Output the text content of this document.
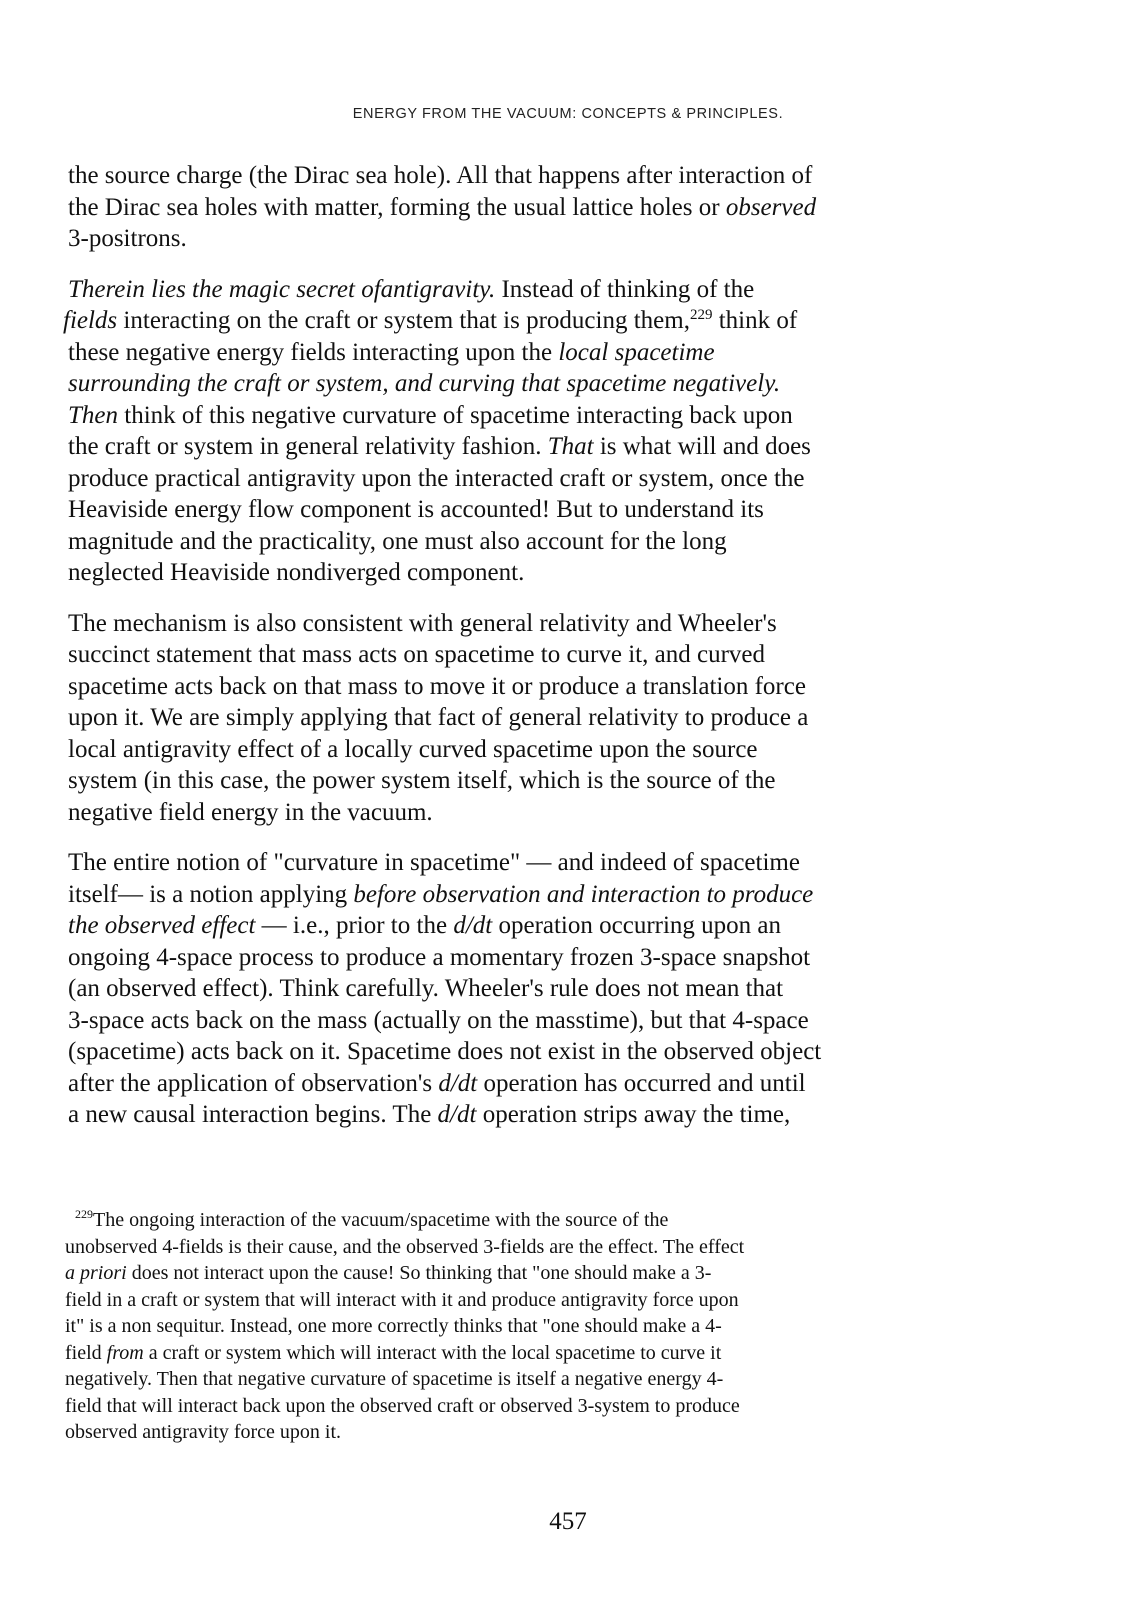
ENERGY FROM THE VACUUM: CONCEPTS & PRINCIPLES.

the source charge (the Dirac sea hole). All that happens after interaction of
the Dirac sea holes with matter, forming the usual lattice holes or observed
3-positrons.

Therein lies the magic secret ofantigravity. Instead of thinking of the
fields interacting on the craft or system that is producing them,$^{229}$ think of
these negative energy fields interacting upon the local spacetime
surrounding the craft or system, and curving that spacetime negatively.
Then think of this negative curvature of spacetime interacting back upon
the craft or system in general relativity fashion. That is what will and does
produce practical antigravity upon the interacted craft or system, once the
Heaviside energy flow component is accounted! But to understand its
magnitude and the practicality, one must also account for the long
neglected Heaviside nondiverged component.

The mechanism is also consistent with general relativity and Wheeler's
succinct statement that mass acts on spacetime to curve it, and curved
spacetime acts back on that mass to move it or produce a translation force
upon it. We are simply applying that fact of general relativity to produce a
local antigravity effect of a locally curved spacetime upon the source
system (in this case, the power system itself, which is the source of the
negative field energy in the vacuum.

The entire notion of "curvature in spacetime" — and indeed of spacetime
itself— is a notion applying before observation and interaction to produce
the observed effect — i.e., prior to the d/dt operation occurring upon an
ongoing 4-space process to produce a momentary frozen 3-space snapshot
(an observed effect). Think carefully. Wheeler's rule does not mean that
3-space acts back on the mass (actually on the masstime), but that 4-space
(spacetime) acts back on it. Spacetime does not exist in the observed object
after the application of observation's d/dt operation has occurred and until
a new causal interaction begins. The d/dt operation strips away the time,

$^{229}$The ongoing interaction of the vacuum/spacetime with the source of the
unobserved 4-fields is their cause, and the observed 3-fields are the effect. The effect
a priori does not interact upon the cause! So thinking that "one should make a 3-
field in a craft or system that will interact with it and produce antigravity force upon
it" is a non sequitur. Instead, one more correctly thinks that "one should make a 4-
field from a craft or system which will interact with the local spacetime to curve it
negatively. Then that negative curvature of spacetime is itself a negative energy 4-
field that will interact back upon the observed craft or observed 3-system to produce
observed antigravity force upon it.
457
